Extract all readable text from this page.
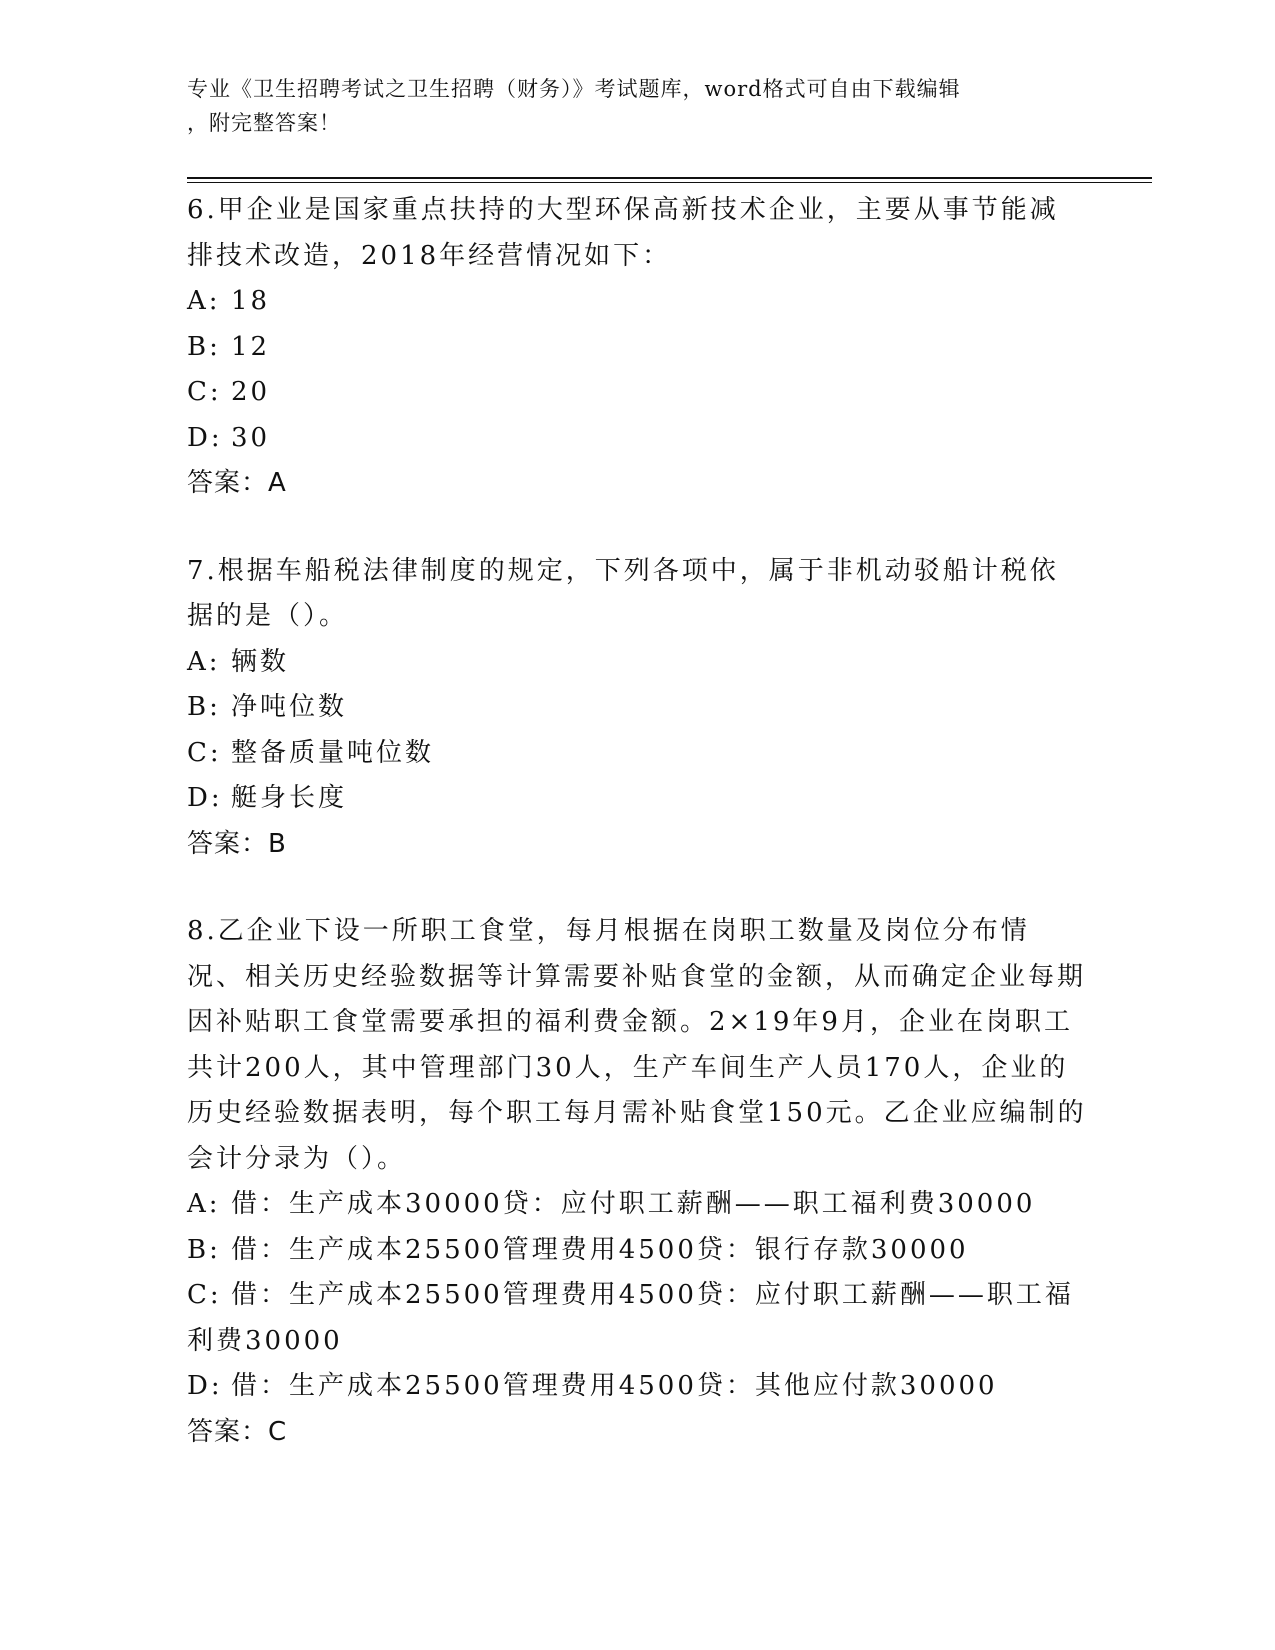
专业《卫生招聘考试之卫生招聘（财务）》考试题库，word格式可自由下载编辑
，附完整答案！

6.甲企业是国家重点扶持的大型环保高新技术企业，主要从事节能减排技术改造，2018年经营情况如下：

A: 18

B: 12

C: 20

D: 30

答案：A

7.根据车船税法律制度的规定，下列各项中，属于非机动驳船计税依据的是（）。

A: 辆数

B: 净吨位数

C: 整备质量吨位数

D: 艇身长度

答案：B

8.乙企业下设一所职工食堂，每月根据在岗职工数量及岗位分布情况、相关历史经验数据等计算需要补贴食堂的金额，从而确定企业每期因补贴职工食堂需要承担的福利费金额。2×19年9月，企业在岗职工共计200人，其中管理部门30人，生产车间生产人员170人，企业的历史经验数据表明，每个职工每月需补贴食堂150元。乙企业应编制的会计分录为（）。

A: 借：生产成本30000贷：应付职工薪酬——职工福利费30000

B: 借：生产成本25500管理费用4500贷：银行存款30000

C: 借：生产成本25500管理费用4500贷：应付职工薪酬——职工福利费30000

D: 借：生产成本25500管理费用4500贷：其他应付款30000

答案：C
